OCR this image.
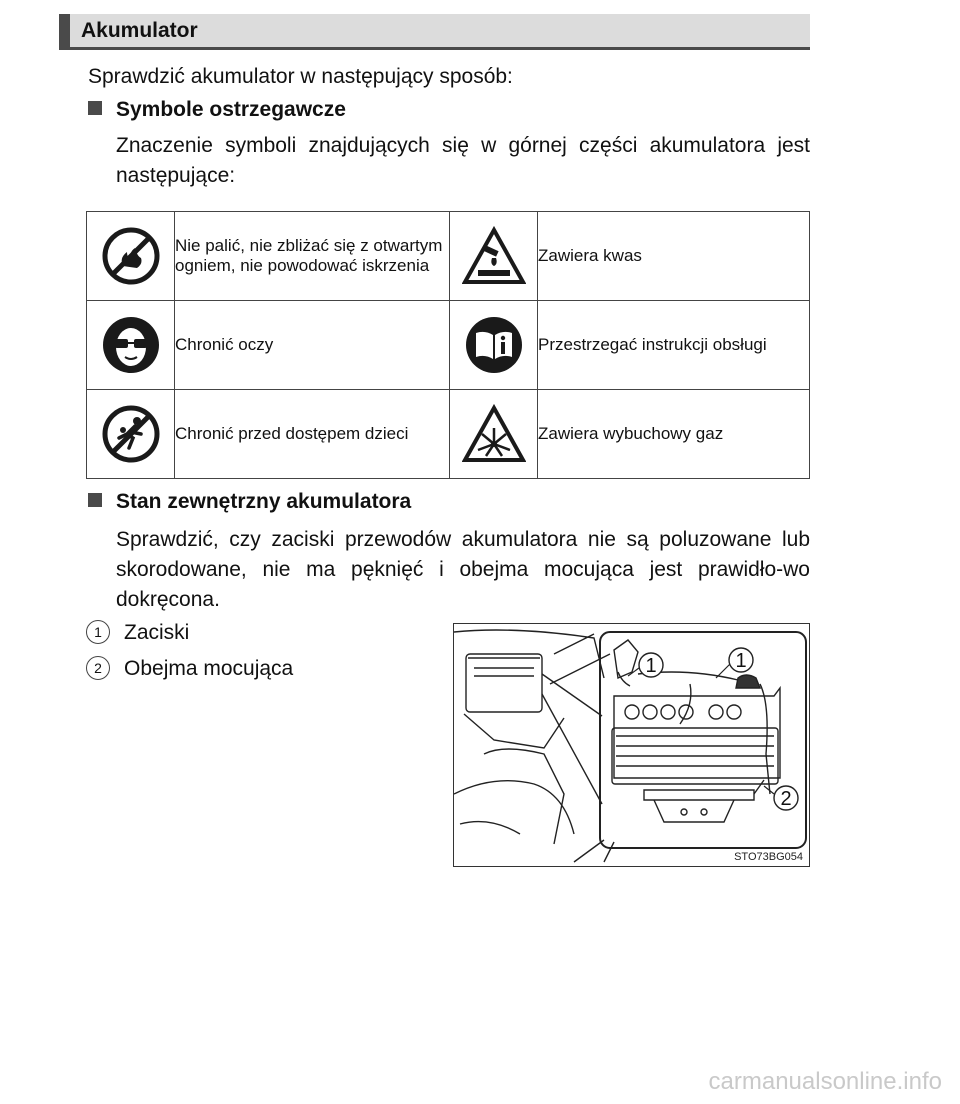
Akumulator
Sprawdzić akumulator w następujący sposób:
Symbole ostrzegawcze
Znaczenie symboli znajdujących się w górnej części akumulatora jest następujące:
	Nie palić, nie zbliżać się z otwartym ogniem, nie powodować iskrzenia		Zawiera kwas

	Chronić oczy		Przestrzegać instrukcji obsługi

	Chronić przed dostępem dzieci		Zawiera wybuchowy gaz
Stan zewnętrzny akumulatora
Sprawdzić, czy zaciski przewodów akumulatora nie są poluzowane lub skorodowane, nie ma pęknięć i obejma mocująca jest prawidło-wo dokręcona.
1 Zaciski
2 Obejma mocująca	1	1
2
STO73BG054
carmanualsonline.info
